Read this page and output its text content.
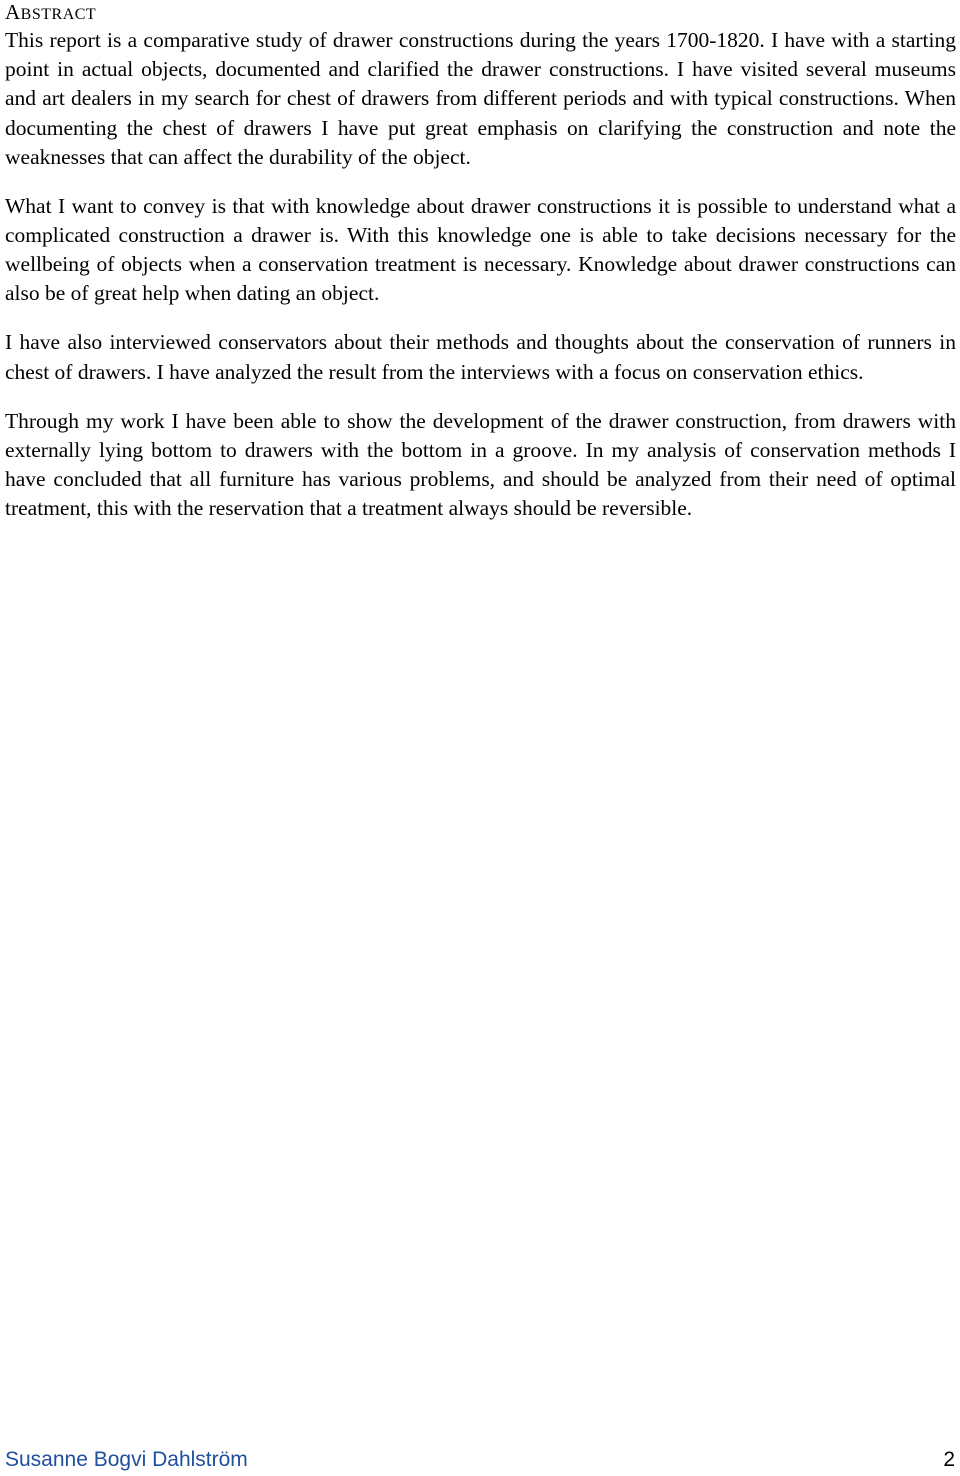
ABSTRACT

This report is a comparative study of drawer constructions during the years 1700-1820. I have with a starting point in actual objects, documented and clarified the drawer constructions. I have visited several museums and art dealers in my search for chest of drawers from different periods and with typical constructions. When documenting the chest of drawers I have put great emphasis on clarifying the construction and note the weaknesses that can affect the durability of the object.

What I want to convey is that with knowledge about drawer constructions it is possible to understand what a complicated construction a drawer is. With this knowledge one is able to take decisions necessary for the wellbeing of objects when a conservation treatment is necessary. Knowledge about drawer constructions can also be of great help when dating an object.

I have also interviewed conservators about their methods and thoughts about the conservation of runners in chest of drawers. I have analyzed the result from the interviews with a focus on conservation ethics.

Through my work I have been able to show the development of the drawer construction, from drawers with externally lying bottom to drawers with the bottom in a groove. In my analysis of conservation methods I have concluded that all furniture has various problems, and should be analyzed from their need of optimal treatment, this with the reservation that a treatment always should be reversible.

Susanne Bogvi Dahlström	2
